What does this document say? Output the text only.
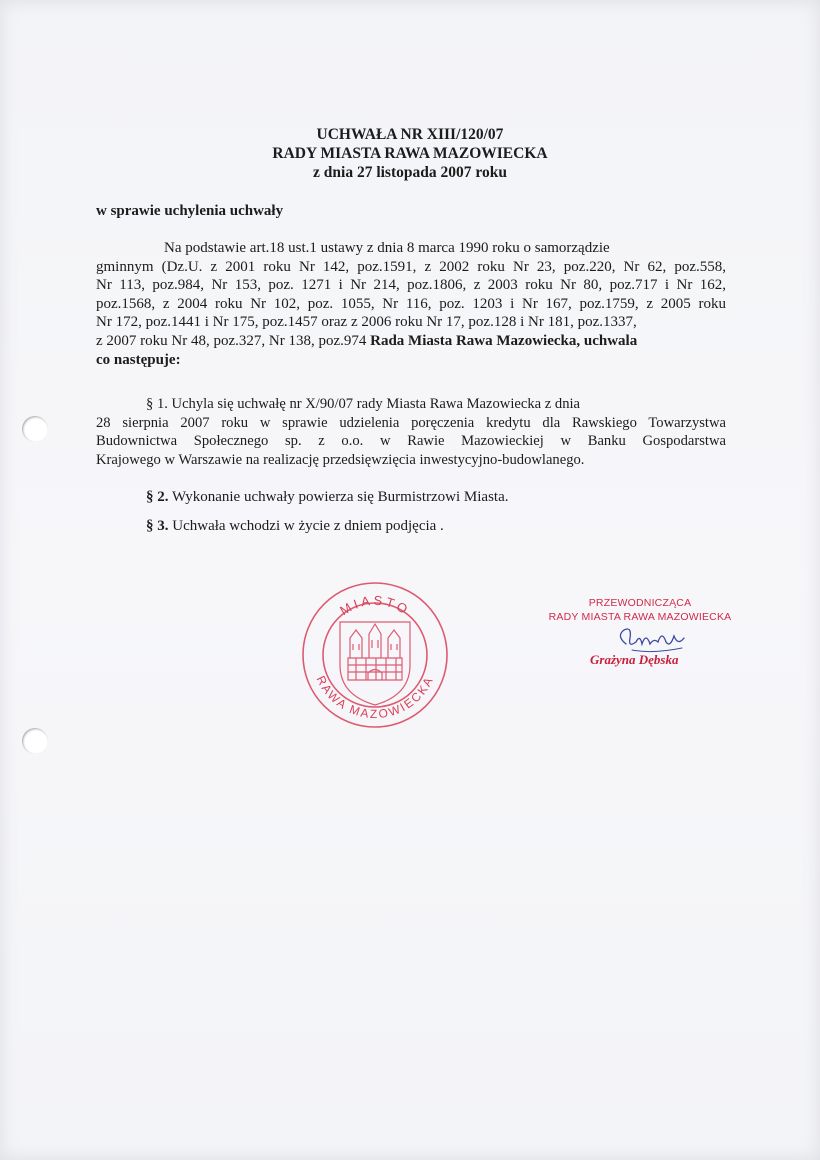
UCHWAŁA NR XIII/120/07
RADY MIASTA RAWA MAZOWIECKA
z dnia 27 listopada 2007 roku
w sprawie uchylenia uchwały
Na podstawie art.18 ust.1 ustawy z dnia 8 marca 1990 roku o samorządzie
gminnym (Dz.U. z 2001 roku Nr 142, poz.1591, z 2002 roku Nr 23, poz.220, Nr 62, poz.558,
Nr 113, poz.984, Nr 153, poz. 1271 i Nr 214, poz.1806, z 2003 roku Nr 80, poz.717 i Nr 162,
poz.1568, z 2004 roku Nr 102, poz. 1055, Nr 116, poz. 1203 i Nr 167, poz.1759, z 2005 roku
Nr 172, poz.1441 i Nr 175, poz.1457 oraz z 2006 roku Nr 17, poz.128 i Nr 181, poz.1337,
z 2007 roku Nr 48, poz.327, Nr 138, poz.974 Rada Miasta Rawa Mazowiecka, uchwala
co następuje:
§ 1. Uchyla się uchwałę nr X/90/07 rady Miasta Rawa Mazowiecka z dnia
28 sierpnia 2007 roku w sprawie udzielenia poręczenia kredytu dla Rawskiego Towarzystwa
Budownictwa Społecznego sp. z o.o. w Rawie Mazowieckiej w Banku Gospodarstwa
Krajowego w Warszawie na realizację przedsięwzięcia inwestycyjno-budowlanego.
§ 2. Wykonanie uchwały powierza się Burmistrzowi Miasta.
§ 3. Uchwała wchodzi w życie z dniem podjęcia .
MIASTO
RAWA MAZOWIECKA
PRZEWODNICZĄCA
RADY MIASTA RAWA MAZOWIECKA
Grażyna Dębska
